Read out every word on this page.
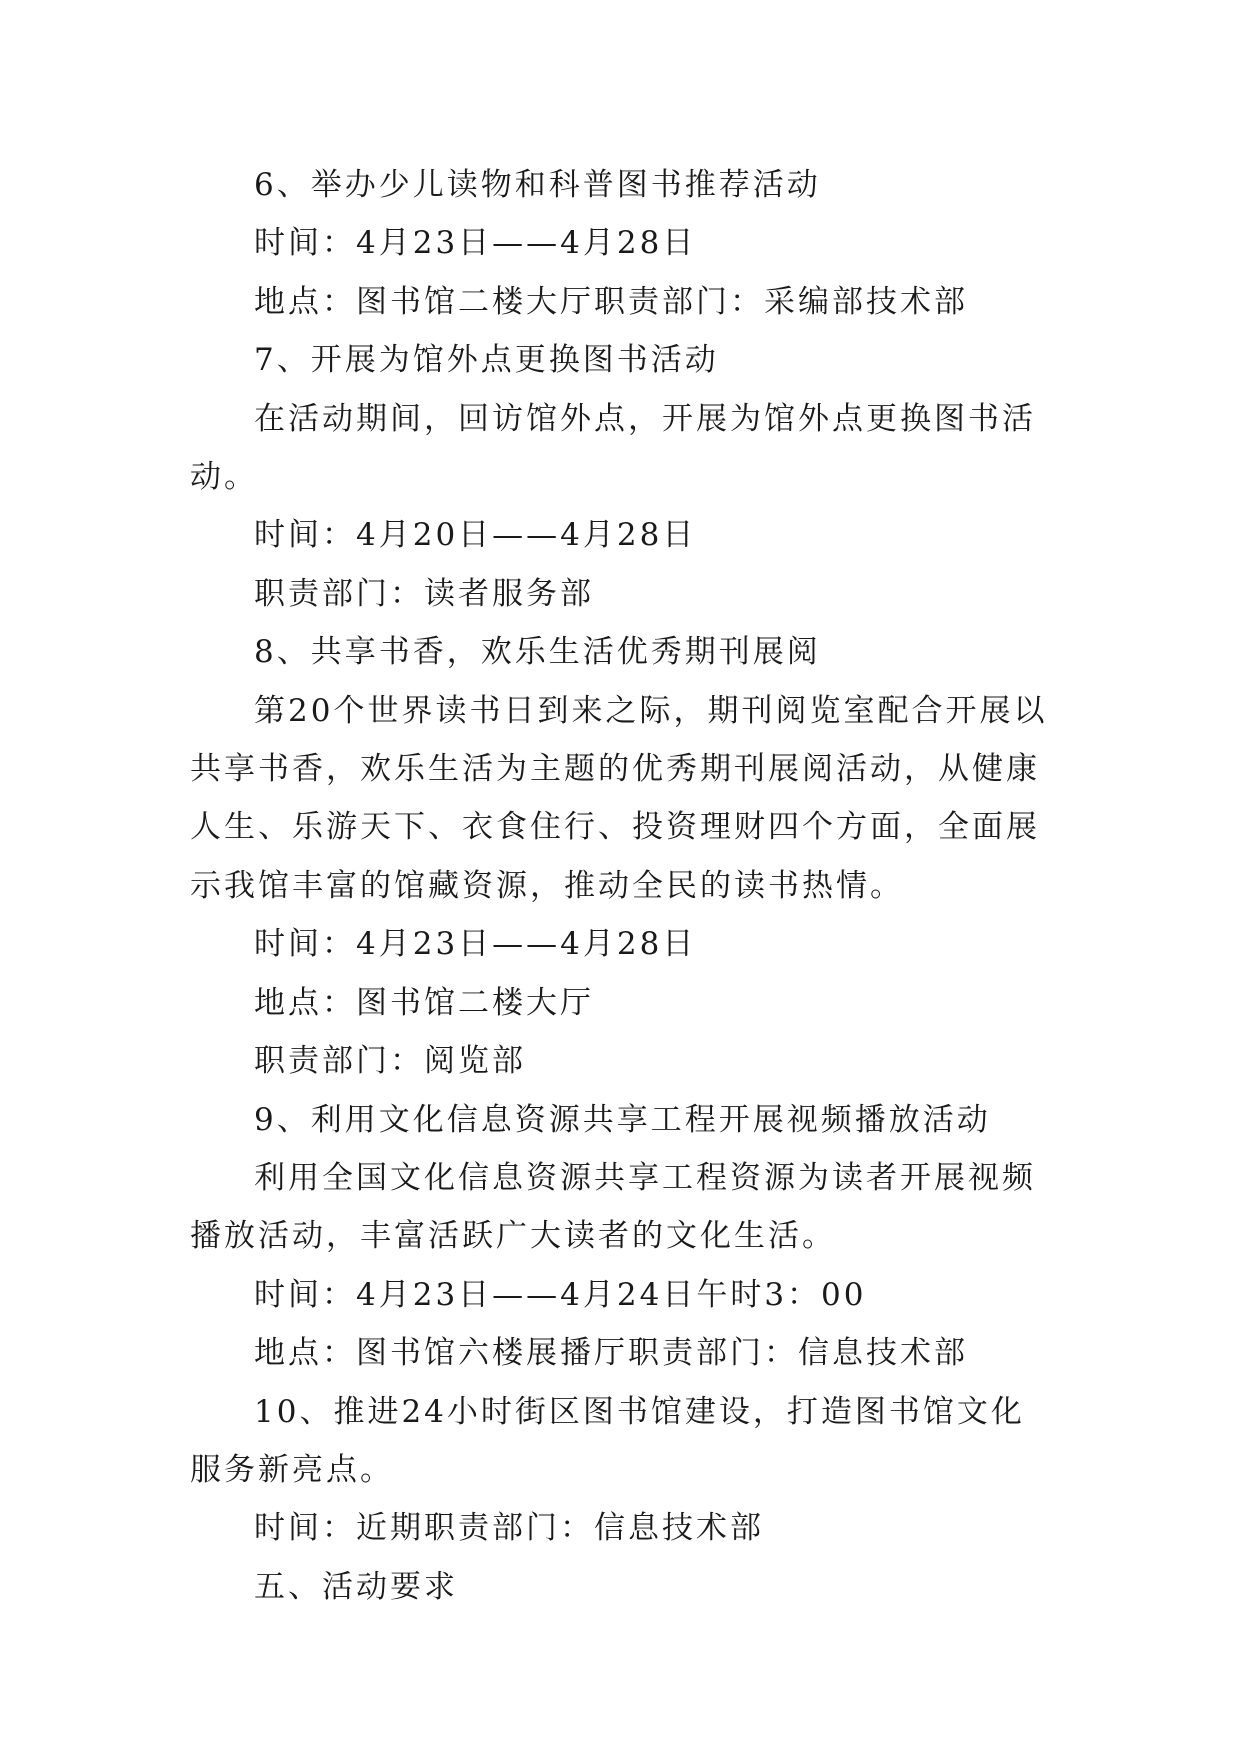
6、举办少儿读物和科普图书推荐活动

时间：4月23日——4月28日

地点：图书馆二楼大厅职责部门：采编部技术部

7、开展为馆外点更换图书活动

在活动期间，回访馆外点，开展为馆外点更换图书活动。

时间：4月20日——4月28日

职责部门：读者服务部

8、共享书香，欢乐生活优秀期刊展阅

第20个世界读书日到来之际，期刊阅览室配合开展以共享书香，欢乐生活为主题的优秀期刊展阅活动，从健康人生、乐游天下、衣食住行、投资理财四个方面，全面展示我馆丰富的馆藏资源，推动全民的读书热情。

时间：4月23日——4月28日

地点：图书馆二楼大厅

职责部门：阅览部

9、利用文化信息资源共享工程开展视频播放活动

利用全国文化信息资源共享工程资源为读者开展视频播放活动，丰富活跃广大读者的文化生活。

时间：4月23日——4月24日午时3：00

地点：图书馆六楼展播厅职责部门：信息技术部

10、推进24小时街区图书馆建设，打造图书馆文化服务新亮点。

时间：近期职责部门：信息技术部

五、活动要求
